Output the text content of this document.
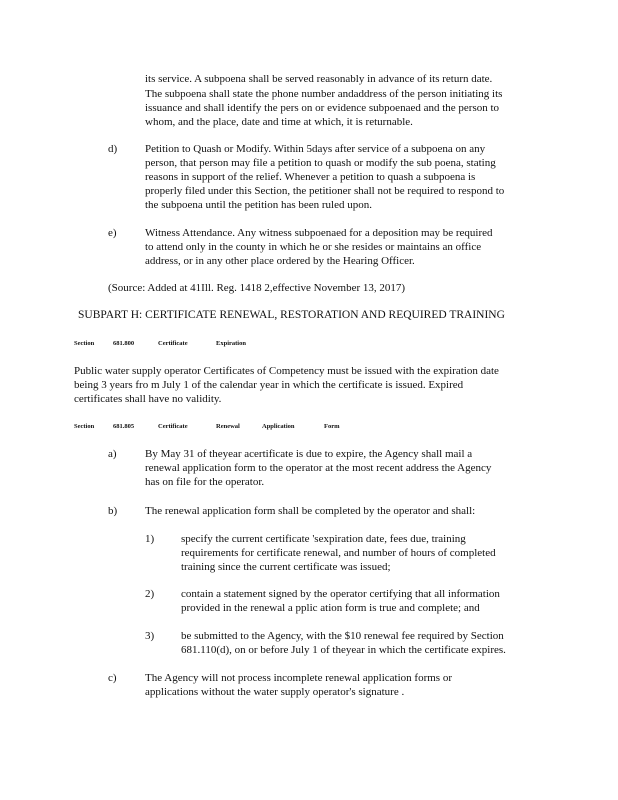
its service. A subpoena shall be served reasonably in advance of its return date.
The subpoena shall state the phone number andaddress of the person initiating its
issuance and shall identify the pers on or evidence subpoenaed and the person to
whom, and the place, date and time at which, it is returnable.
d)	Petition to Quash or Modify. Within 5days after service of a subpoena on any
person, that person may file a petition to quash or modify the sub poena, stating
reasons in support of the relief. Whenever a petition to quash a subpoena is
properly filed under this Section, the petitioner shall not be required to respond to
the subpoena until the petition has been ruled upon.
e)	Witness Attendance. Any witness subpoenaed for a deposition may be required
to attend only in the county in which he or she resides or maintains an office
address, or in any other place ordered by the Hearing Officer.
(Source: Added at 41Ill. Reg. 1418 2,effective November 13, 2017)
SUBPART H: CERTIFICATE RENEWAL, RESTORATION AND REQUIRED TRAINING
Section	681.800	Certificate	Expiration
Public water supply operator Certificates of Competency must be issued with the expiration date
being 3 years fro m July 1 of the calendar year in which the certificate is issued. Expired
certificates shall have no validity.
Section	681.805	Certificate	Renewal	Application	Form
a)	By May 31 of theyear acertificate is due to expire, the Agency shall mail a
renewal application form to the operator at the most recent address the Agency
has on file for the operator.
b)	The renewal application form shall be completed by the operator and shall:
1) specify the current certificate 'sexpiration date, fees due, training
requirements for certificate renewal, and number of hours of completed
training since the current certificate was issued;
2) contain a statement signed by the operator certifying that all information
provided in the renewal a pplic ation form is true and complete; and
3) be submitted to the Agency, with the $10 renewal fee required by Section
681.110(d), on or before July 1 of theyear in which the certificate expires.
c)	The Agency will not process incomplete renewal application forms or
applications without the water supply operator's signature .
